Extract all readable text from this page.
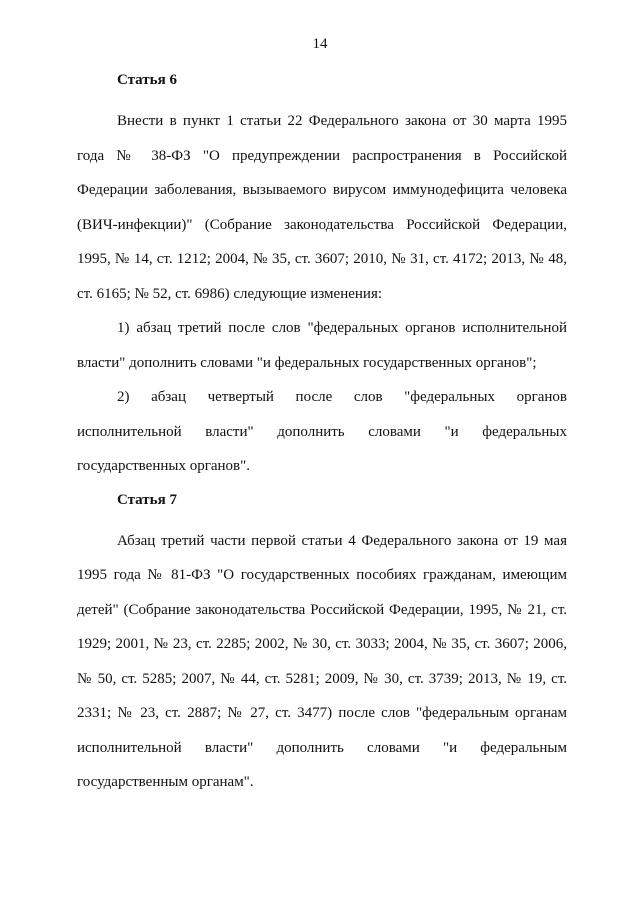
14
Статья 6

Внести в пункт 1 статьи 22 Федерального закона от 30 марта 1995 года № 38-ФЗ "О предупреждении распространения в Российской Федерации заболевания, вызываемого вирусом иммунодефицита человека (ВИЧ-инфекции)" (Собрание законодательства Российской Федерации, 1995, № 14, ст. 1212; 2004, № 35, ст. 3607; 2010, № 31, ст. 4172; 2013, № 48, ст. 6165; № 52, ст. 6986) следующие изменения:

1) абзац третий после слов "федеральных органов исполнительной власти" дополнить словами "и федеральных государственных органов";

2) абзац четвертый после слов "федеральных органов исполнительной власти" дополнить словами "и федеральных государственных органов".

Статья 7

Абзац третий части первой статьи 4 Федерального закона от 19 мая 1995 года № 81-ФЗ "О государственных пособиях гражданам, имеющим детей" (Собрание законодательства Российской Федерации, 1995, № 21, ст. 1929; 2001, № 23, ст. 2285; 2002, № 30, ст. 3033; 2004, № 35, ст. 3607; 2006, № 50, ст. 5285; 2007, № 44, ст. 5281; 2009, № 30, ст. 3739; 2013, № 19, ст. 2331; № 23, ст. 2887; № 27, ст. 3477) после слов "федеральным органам исполнительной власти" дополнить словами "и федеральным государственным органам".
